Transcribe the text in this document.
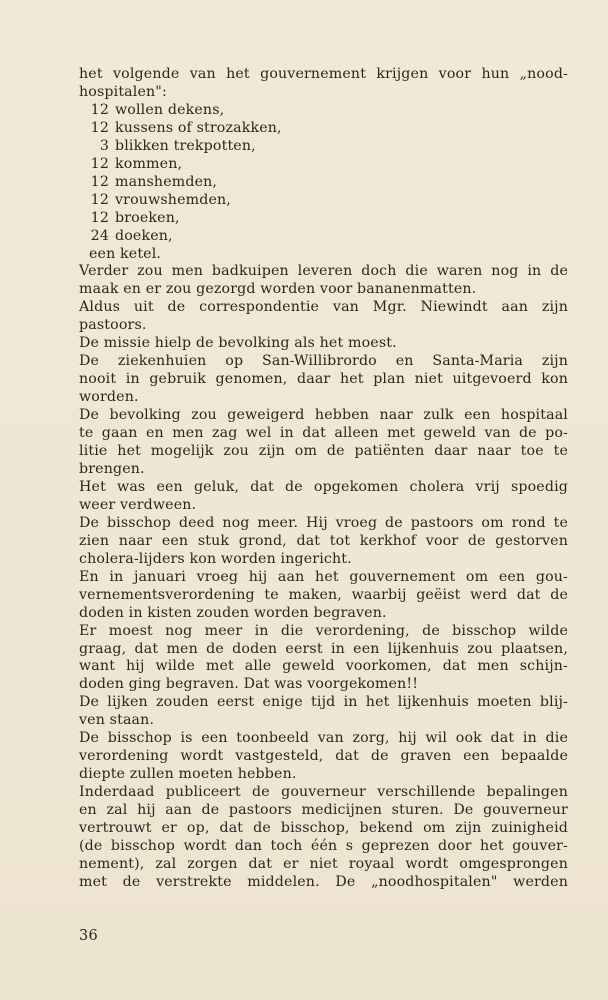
het volgende van het gouvernement krijgen voor hun „nood-
hospitalen":
12 wollen dekens,
12 kussens of strozakken,
3 blikken trekpotten,
12 kommen,
12 manshemden,
12 vrouwshemden,
12 broeken,
24 doeken,
een ketel.
Verder zou men badkuipen leveren doch die waren nog in de
maak en er zou gezorgd worden voor bananenmatten.
Aldus uit de correspondentie van Mgr. Niewindt aan zijn
pastoors.
De missie hielp de bevolking als het moest.
De ziekenhuien op San-Willibrordo en Santa-Maria zijn
nooit in gebruik genomen, daar het plan niet uitgevoerd kon
worden.
De bevolking zou geweigerd hebben naar zulk een hospitaal
te gaan en men zag wel in dat alleen met geweld van de po-
litie het mogelijk zou zijn om de patiënten daar naar toe te
brengen.
Het was een geluk, dat de opgekomen cholera vrij spoedig
weer verdween.
De bisschop deed nog meer. Hij vroeg de pastoors om rond te
zien naar een stuk grond, dat tot kerkhof voor de gestorven
cholera-lijders kon worden ingericht.
En in januari vroeg hij aan het gouvernement om een gou-
vernementsverordening te maken, waarbij geëist werd dat de
doden in kisten zouden worden begraven.
Er moest nog meer in die verordening, de bisschop wilde
graag, dat men de doden eerst in een lijkenhuis zou plaatsen,
want hij wilde met alle geweld voorkomen, dat men schijn-
doden ging begraven. Dat was voorgekomen!!
De lijken zouden eerst enige tijd in het lijkenhuis moeten blij-
ven staan.
De bisschop is een toonbeeld van zorg, hij wil ook dat in die
verordening wordt vastgesteld, dat de graven een bepaalde
diepte zullen moeten hebben.
Inderdaad publiceert de gouverneur verschillende bepalingen
en zal hij aan de pastoors medicijnen sturen. De gouverneur
vertrouwt er op, dat de bisschop, bekend om zijn zuinigheid
(de bisschop wordt dan toch één s geprezen door het gouver-
nement), zal zorgen dat er niet royaal wordt omgesprongen
met de verstrekte middelen. De „noodhospitalen" werden
36
